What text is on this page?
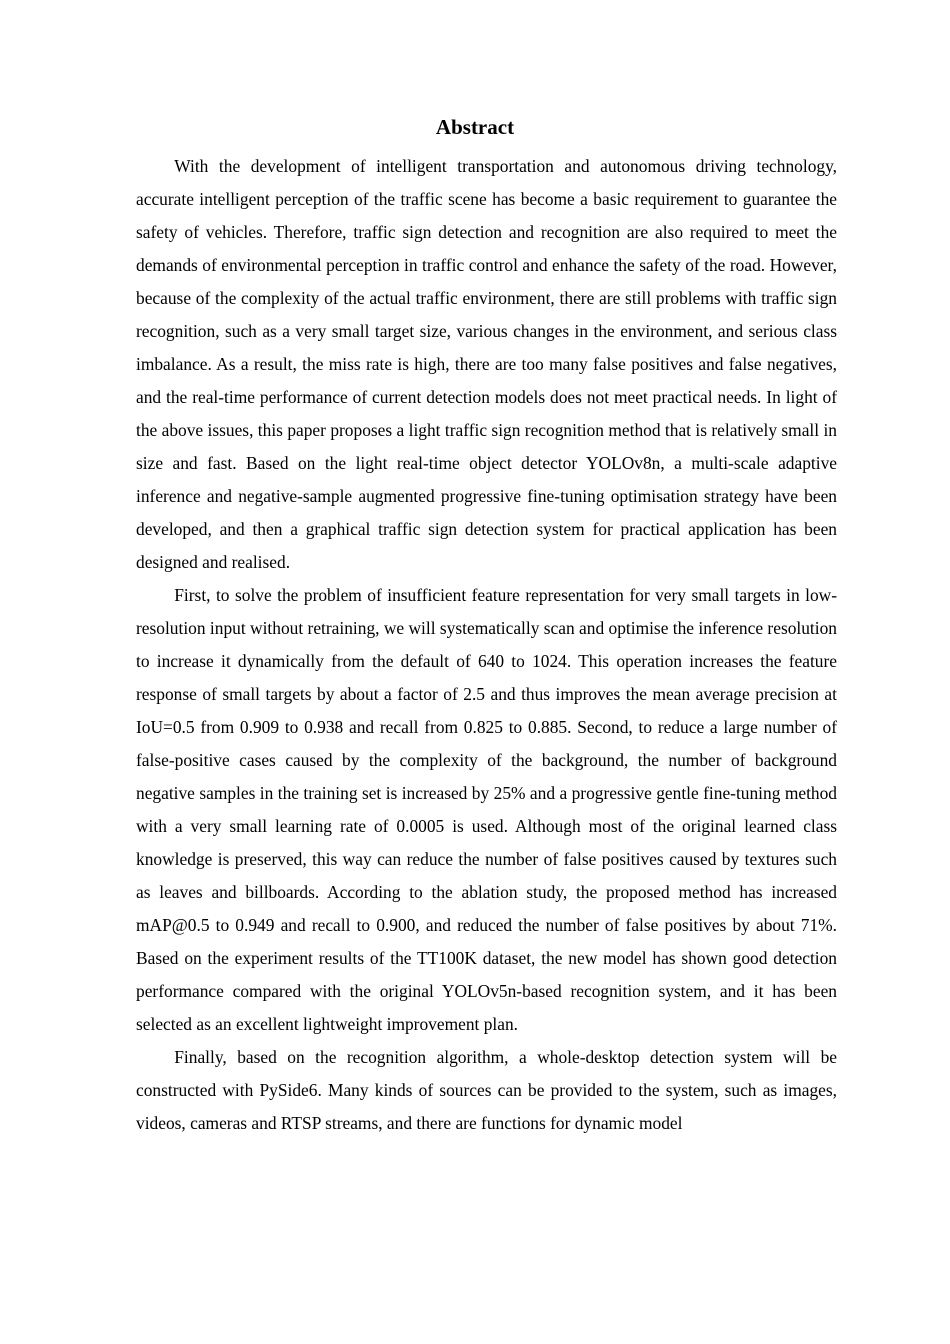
Abstract

With the development of intelligent transportation and autonomous driving technology, accurate intelligent perception of the traffic scene has become a basic requirement to guarantee the safety of vehicles. Therefore, traffic sign detection and recognition are also required to meet the demands of environmental perception in traffic control and enhance the safety of the road. However, because of the complexity of the actual traffic environment, there are still problems with traffic sign recognition, such as a very small target size, various changes in the environment, and serious class imbalance. As a result, the miss rate is high, there are too many false positives and false negatives, and the real-time performance of current detection models does not meet practical needs. In light of the above issues, this paper proposes a light traffic sign recognition method that is relatively small in size and fast. Based on the light real-time object detector YOLOv8n, a multi-scale adaptive inference and negative-sample augmented progressive fine-tuning optimisation strategy have been developed, and then a graphical traffic sign detection system for practical application has been designed and realised.

First, to solve the problem of insufficient feature representation for very small targets in low-resolution input without retraining, we will systematically scan and optimise the inference resolution to increase it dynamically from the default of 640 to 1024. This operation increases the feature response of small targets by about a factor of 2.5 and thus improves the mean average precision at IoU=0.5 from 0.909 to 0.938 and recall from 0.825 to 0.885. Second, to reduce a large number of false-positive cases caused by the complexity of the background, the number of background negative samples in the training set is increased by 25% and a progressive gentle fine-tuning method with a very small learning rate of 0.0005 is used. Although most of the original learned class knowledge is preserved, this way can reduce the number of false positives caused by textures such as leaves and billboards. According to the ablation study, the proposed method has increased mAP@0.5 to 0.949 and recall to 0.900, and reduced the number of false positives by about 71%. Based on the experiment results of the TT100K dataset, the new model has shown good detection performance compared with the original YOLOv5n-based recognition system, and it has been selected as an excellent lightweight improvement plan.

Finally, based on the recognition algorithm, a whole-desktop detection system will be constructed with PySide6. Many kinds of sources can be provided to the system, such as images, videos, cameras and RTSP streams, and there are functions for dynamic model
